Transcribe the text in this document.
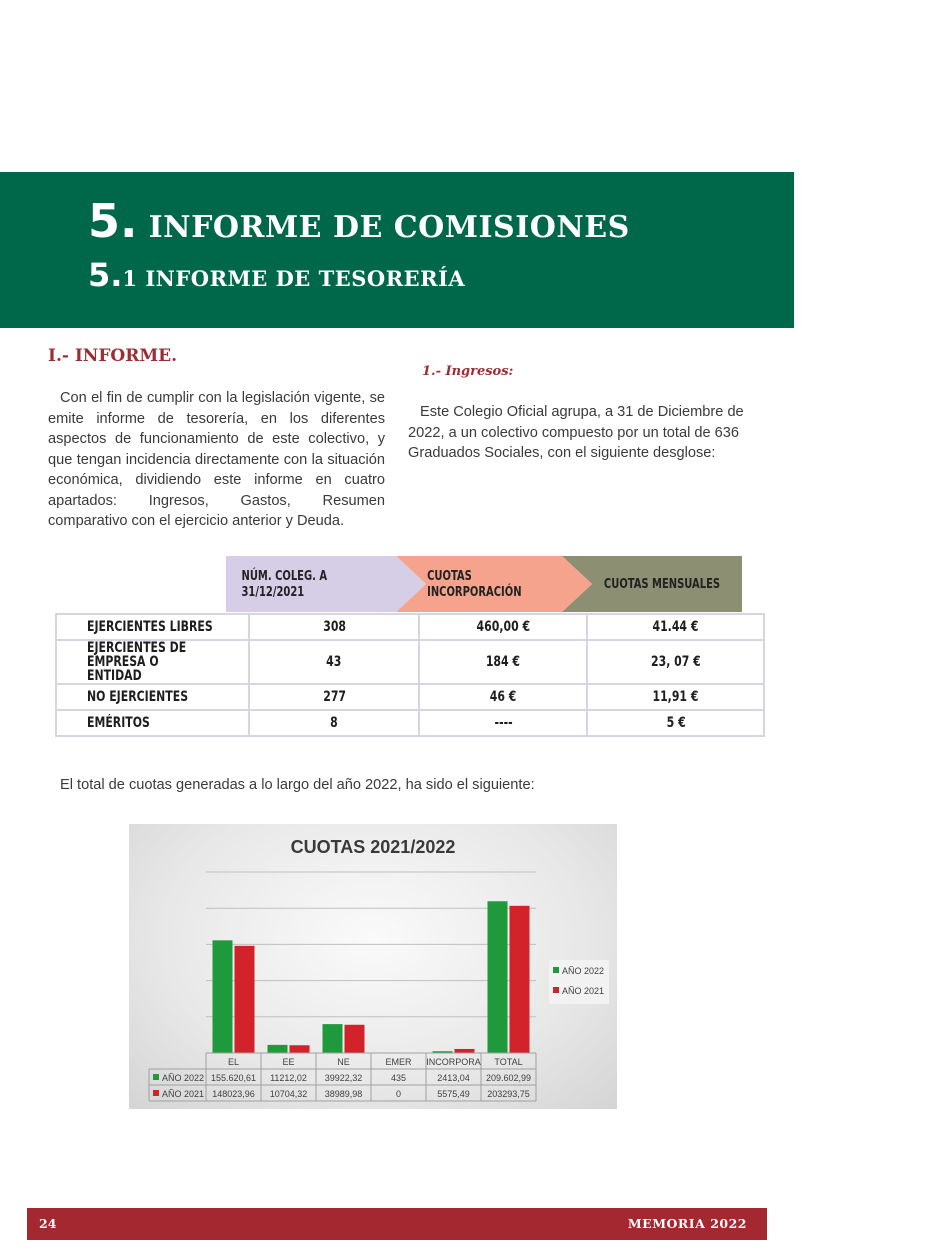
5. INFORME DE COMISIONES
5.1 INFORME DE TESORERÍA
I.- INFORME.

Con el fin de cumplir con la legislación vigente, se emite informe de tesorería, en los diferentes aspectos de funcionamiento de este colectivo, y que tengan incidencia directamente con la situación económica, dividiendo este informe en cuatro apartados: Ingresos, Gastos, Resumen comparativo con el ejercicio anterior y Deuda.

1.- Ingresos:

Este Colegio Oficial agrupa, a 31 de Diciembre de 2022, a un colectivo compuesto por un total de 636 Graduados Sociales, con el siguiente desglose:

NÚM. COLEG. A 31/12/2021
CUOTAS INCORPORACIÓN	CUOTAS MENSUALES
EJERCIENTES LIBRES	308	460,00 €	41.44 €
EJERCIENTES DE EMPRESA O ENTIDAD	43	184 €	23, 07 €
NO EJERCIENTES	277	46 €	11,91 €
EMÉRITOS	8	----	5 €

El total de cuotas generadas a lo largo del año 2022, ha sido el siguiente:

CUOTAS 2021/2022
EL	EE	NE	EMER INCORPORA TOTAL
AÑO 2022 155.620,61 11212,02 39922,32	435	2413,04 209.602,99
AÑO 2021 148023,96 10704,32 38989,98	0	5575,49 203293,75
AÑO 2022
AÑO 2021
24	MEMORIA 2022
